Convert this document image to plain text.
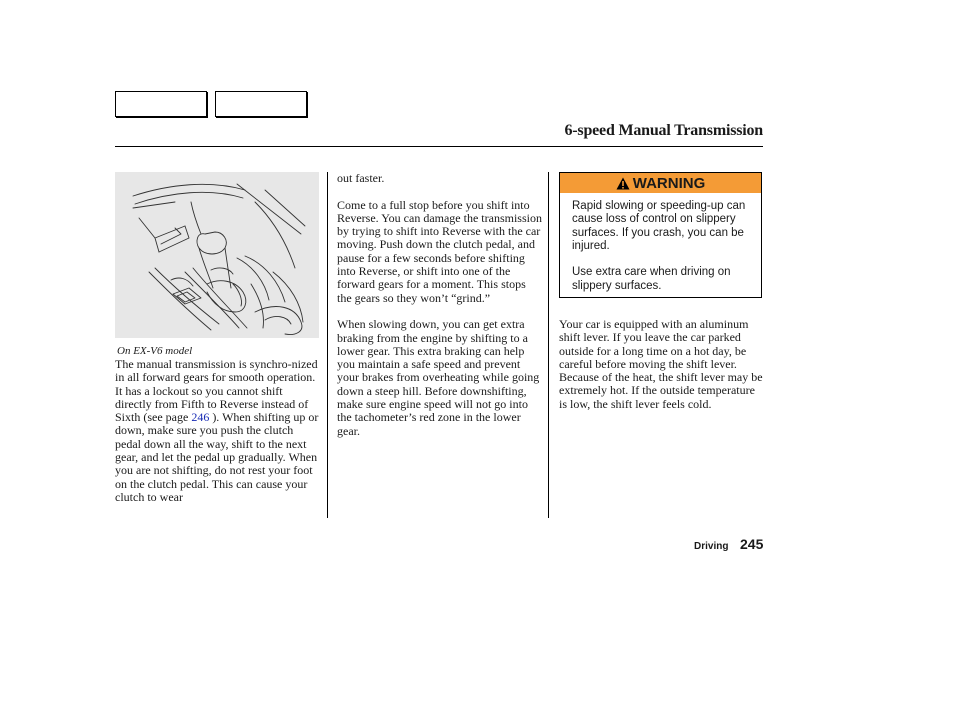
6-speed Manual Transmission
On EX-V6 model

The manual transmission is synchro-nized in all forward gears for smooth operation. It has a lockout so you cannot shift directly from Fifth to Reverse instead of Sixth (see page 246 ). When shifting up or down, make sure you push the clutch pedal down all the way, shift to the next gear, and let the pedal up gradually. When you are not shifting, do not rest your foot on the clutch pedal. This can cause your clutch to wear

out faster.

Come to a full stop before you shift into Reverse. You can damage the transmission by trying to shift into Reverse with the car moving. Push down the clutch pedal, and pause for a few seconds before shifting into Reverse, or shift into one of the forward gears for a moment. This stops the gears so they won’t “grind.”

When slowing down, you can get extra braking from the engine by shifting to a lower gear. This extra braking can help you maintain a safe speed and prevent your brakes from overheating while going down a steep hill. Before downshifting, make sure engine speed will not go into the tachometer’s red zone in the lower gear.

WARNING

Rapid slowing or speeding-up can cause loss of control on slippery surfaces. If you crash, you can be injured.

Use extra care when driving on slippery surfaces.

Your car is equipped with an aluminum shift lever. If you leave the car parked outside for a long time on a hot day, be careful before moving the shift lever. Because of the heat, the shift lever may be extremely hot. If the outside temperature is low, the shift lever feels cold.

Driving 245
